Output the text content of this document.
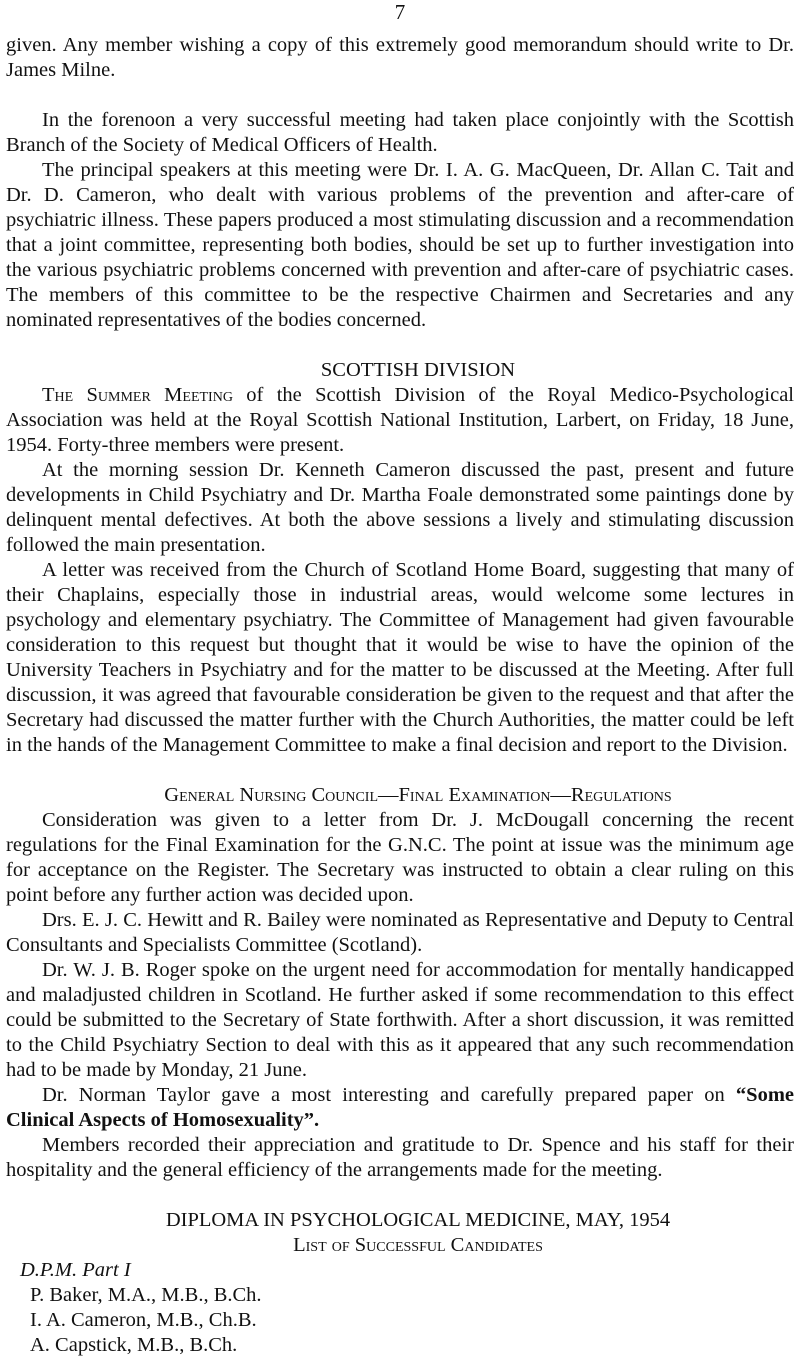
7

given. Any member wishing a copy of this extremely good memorandum should write to Dr. James Milne.

In the forenoon a very successful meeting had taken place conjointly with the Scottish Branch of the Society of Medical Officers of Health.

The principal speakers at this meeting were Dr. I. A. G. MacQueen, Dr. Allan C. Tait and Dr. D. Cameron, who dealt with various problems of the prevention and after-care of psychiatric illness. These papers produced a most stimulating discussion and a recommendation that a joint committee, representing both bodies, should be set up to further investigation into the various psychiatric problems concerned with prevention and after-care of psychiatric cases. The members of this committee to be the respective Chairmen and Secretaries and any nominated representatives of the bodies concerned.

SCOTTISH DIVISION

The Summer Meeting of the Scottish Division of the Royal Medico-Psychological Association was held at the Royal Scottish National Institution, Larbert, on Friday, 18 June, 1954. Forty-three members were present.

At the morning session Dr. Kenneth Cameron discussed the past, present and future developments in Child Psychiatry and Dr. Martha Foale demonstrated some paintings done by delinquent mental defectives. At both the above sessions a lively and stimulating discussion followed the main presentation.

A letter was received from the Church of Scotland Home Board, suggesting that many of their Chaplains, especially those in industrial areas, would welcome some lectures in psychology and elementary psychiatry. The Committee of Management had given favourable consideration to this request but thought that it would be wise to have the opinion of the University Teachers in Psychiatry and for the matter to be discussed at the Meeting. After full discussion, it was agreed that favourable consideration be given to the request and that after the Secretary had discussed the matter further with the Church Authorities, the matter could be left in the hands of the Management Committee to make a final decision and report to the Division.

General Nursing Council—Final Examination—Regulations

Consideration was given to a letter from Dr. J. McDougall concerning the recent regulations for the Final Examination for the G.N.C. The point at issue was the minimum age for acceptance on the Register. The Secretary was instructed to obtain a clear ruling on this point before any further action was decided upon.

Drs. E. J. C. Hewitt and R. Bailey were nominated as Representative and Deputy to Central Consultants and Specialists Committee (Scotland).

Dr. W. J. B. Roger spoke on the urgent need for accommodation for mentally handicapped and maladjusted children in Scotland. He further asked if some recommendation to this effect could be submitted to the Secretary of State forthwith. After a short discussion, it was remitted to the Child Psychiatry Section to deal with this as it appeared that any such recommendation had to be made by Monday, 21 June.

Dr. Norman Taylor gave a most interesting and carefully prepared paper on “Some Clinical Aspects of Homosexuality”.

Members recorded their appreciation and gratitude to Dr. Spence and his staff for their hospitality and the general efficiency of the arrangements made for the meeting.

DIPLOMA IN PSYCHOLOGICAL MEDICINE, MAY, 1954

List of Successful Candidates

D.P.M. Part I

P. Baker, M.A., M.B., B.Ch.
I. A. Cameron, M.B., Ch.B.
A. Capstick, M.B., B.Ch.
